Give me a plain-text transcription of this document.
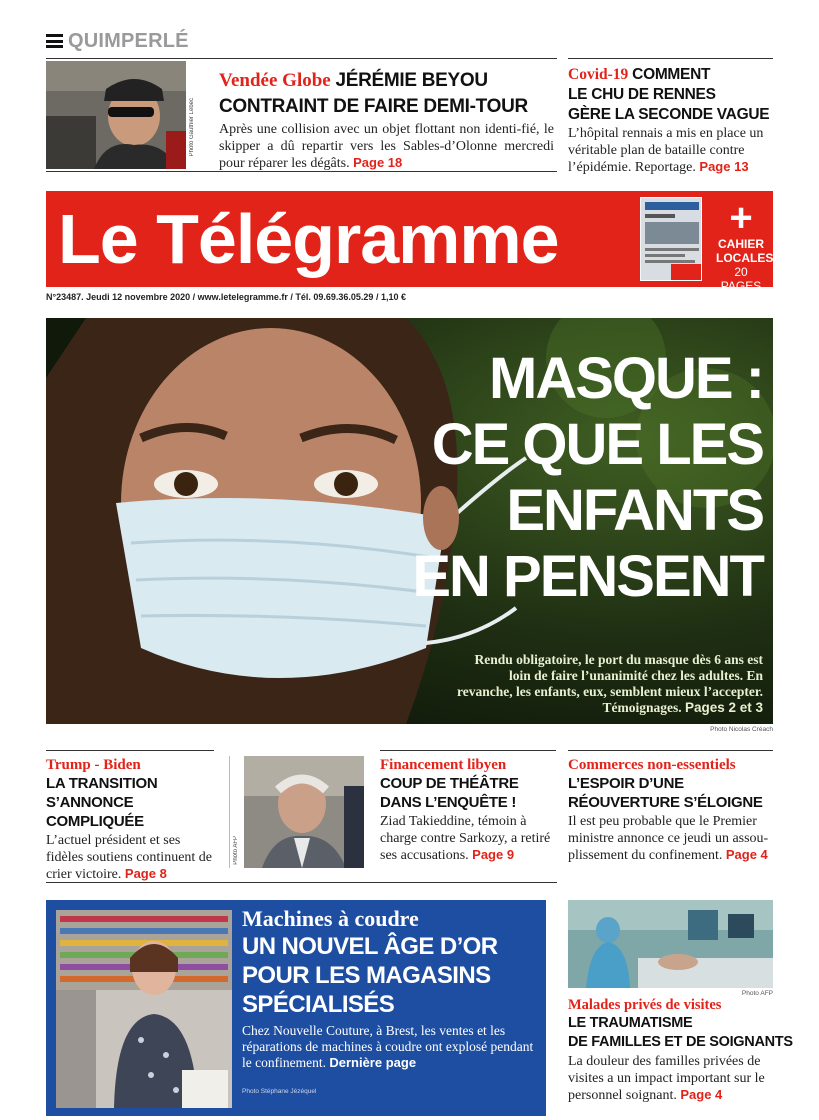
QUIMPERLÉ
Photo Gauthier Lebec
Vendée Globe JÉRÉMIE BEYOU
CONTRAINT DE FAIRE DEMI-TOUR
Après une collision avec un objet flottant non identi-fié, le skipper a dû repartir vers les Sables-d’Olonne mercredi pour réparer les dégâts. Page 18
Covid-19 COMMENT
LE CHU DE RENNES
GÈRE LA SECONDE VAGUE
L’hôpital rennais a mis en place un véritable plan de bataille contre l’épidémie. Reportage. Page 13
Le Télégramme	+
CAHIER
LOCALES
20 PAGES
N°23487. Jeudi 12 novembre 2020 / www.letelegramme.fr / Tél. 09.69.36.05.29 / 1,10 €
MASQUE :
CE QUE LES
ENFANTS
EN PENSENT
Rendu obligatoire, le port du masque dès 6 ans est loin de faire l’unanimité chez les adultes. En revanche, les enfants, eux, semblent mieux l’accepter. Témoignages. Pages 2 et 3
Photo Nicolas Créach
Trump - Biden
LA TRANSITION
S’ANNONCE COMPLIQUÉE
L’actuel président et ses fidèles soutiens continuent de crier victoire. Page 8
Photo AFP
Financement libyen
COUP DE THÉÂTRE
DANS L’ENQUÊTE !
Ziad Takieddine, témoin à charge contre Sarkozy, a retiré ses accusations. Page 9
Commerces non-essentiels
L’ESPOIR D’UNE
RÉOUVERTURE S’ÉLOIGNE
Il est peu probable que le Premier ministre annonce ce jeudi un assou-plissement du confinement. Page 4
Photo Stéphane Jézéquel
Machines à coudre
UN NOUVEL ÂGE D’OR
POUR LES MAGASINS
SPÉCIALISÉS
Chez Nouvelle Couture, à Brest, les ventes et les réparations de machines à coudre ont explosé pendant le confinement. Dernière page
Photo AFP
Malades privés de visites
LE TRAUMATISME
DE FAMILLES ET DE SOIGNANTS
La douleur des familles privées de visites a un impact important sur le personnel soignant. Page 4
